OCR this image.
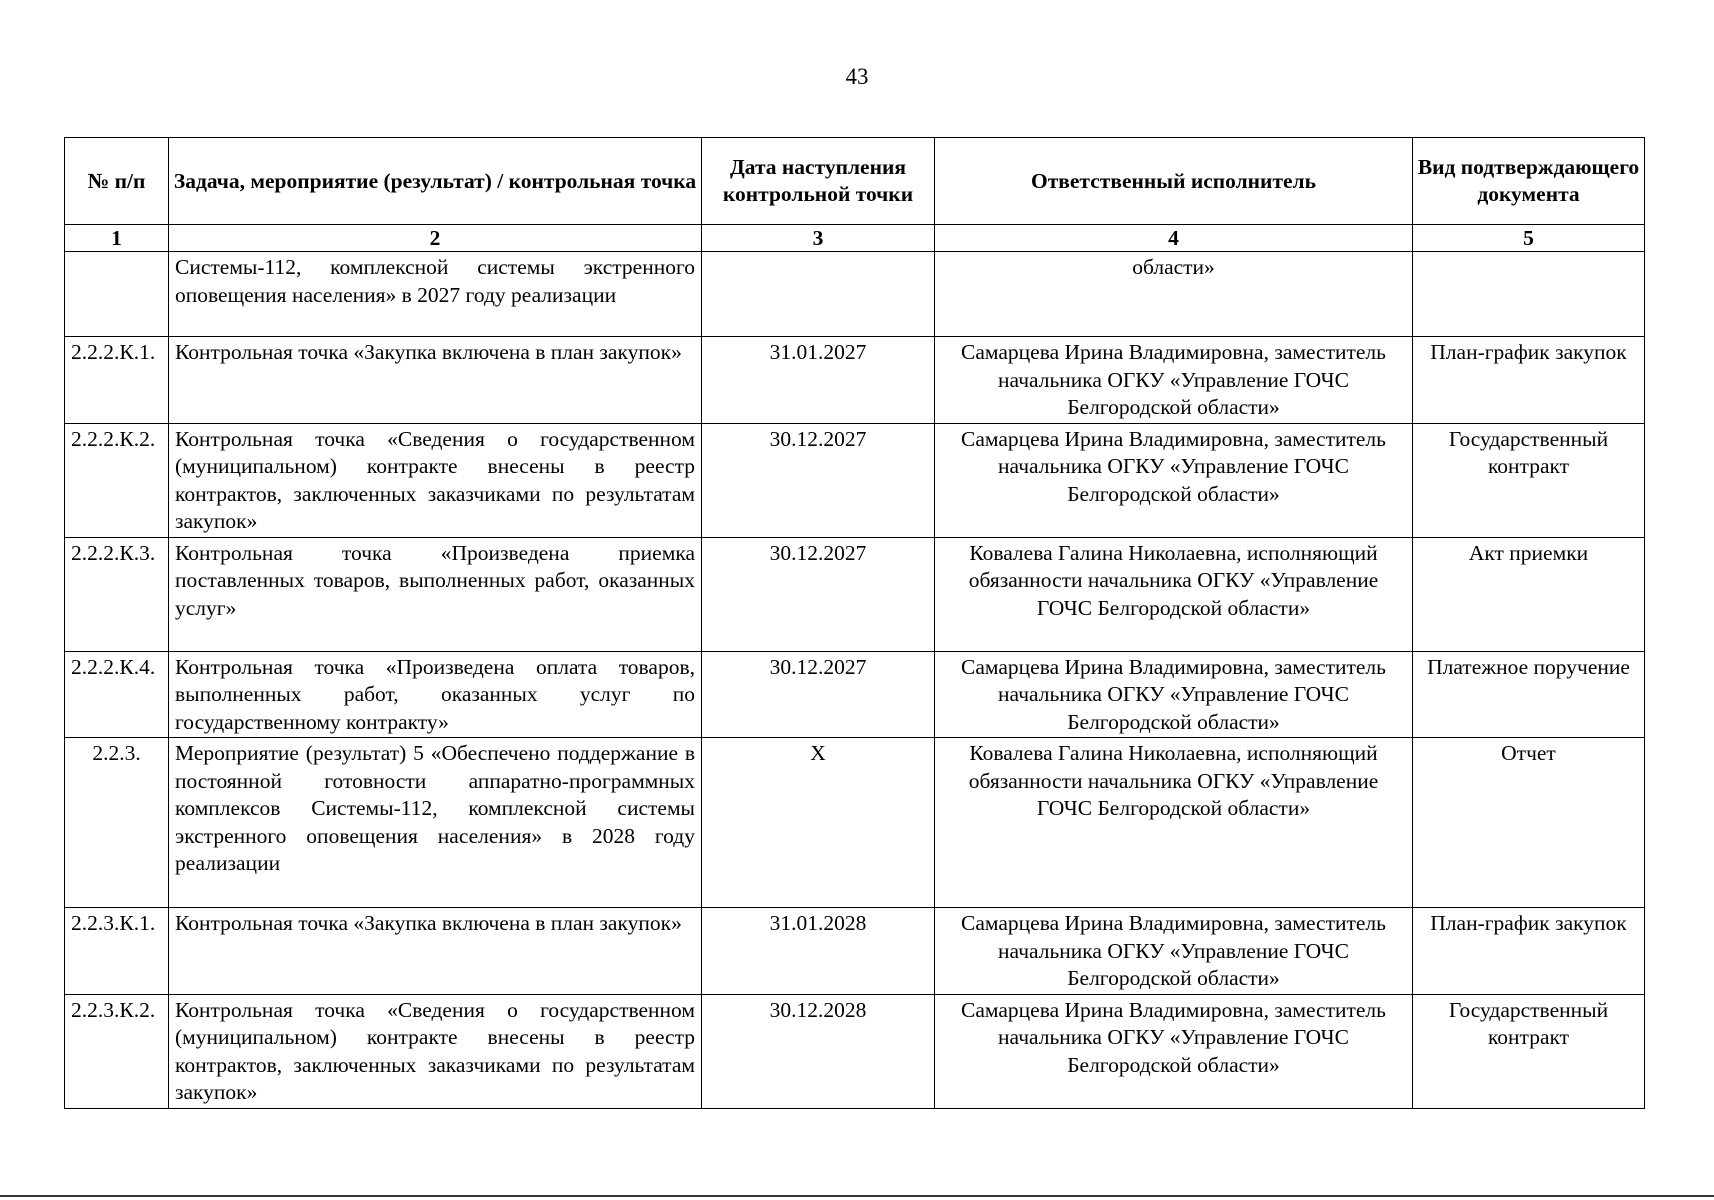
43
№ п/п	Задача, мероприятие (результат) / контрольная точка	Дата наступления контрольной точки	Ответственный исполнитель	Вид подтверждающего документа
1	2	3	4	5
	Системы-112, комплексной системы экстренного оповещения населения» в 2027 году реализации		области»	
2.2.2.К.1.	Контрольная точка «Закупка включена в план закупок»	31.01.2027	Самарцева Ирина Владимировна, заместитель начальника ОГКУ «Управление ГОЧС Белгородской области»	План-график закупок
2.2.2.К.2.	Контрольная точка «Сведения о государственном (муниципальном) контракте внесены в реестр контрактов, заключенных заказчиками по результатам закупок»	30.12.2027	Самарцева Ирина Владимировна, заместитель начальника ОГКУ «Управление ГОЧС Белгородской области»	Государственный контракт
2.2.2.К.3.	Контрольная точка «Произведена приемка поставленных товаров, выполненных работ, оказанных услуг»	30.12.2027	Ковалева Галина Николаевна, исполняющий обязанности начальника ОГКУ «Управление ГОЧС Белгородской области»	Акт приемки
2.2.2.К.4.	Контрольная точка «Произведена оплата товаров, выполненных работ, оказанных услуг по государственному контракту»	30.12.2027	Самарцева Ирина Владимировна, заместитель начальника ОГКУ «Управление ГОЧС Белгородской области»	Платежное поручение
2.2.3.	Мероприятие (результат) 5 «Обеспечено поддержание в постоянной готовности аппаратно-программных комплексов Системы-112, комплексной системы экстренного оповещения населения» в 2028 году реализации	Х	Ковалева Галина Николаевна, исполняющий обязанности начальника ОГКУ «Управление ГОЧС Белгородской области»	Отчет
2.2.3.К.1.	Контрольная точка «Закупка включена в план закупок»	31.01.2028	Самарцева Ирина Владимировна, заместитель начальника ОГКУ «Управление ГОЧС Белгородской области»	План-график закупок
2.2.3.К.2.	Контрольная точка «Сведения о государственном (муниципальном) контракте внесены в реестр контрактов, заключенных заказчиками по результатам закупок»	30.12.2028	Самарцева Ирина Владимировна, заместитель начальника ОГКУ «Управление ГОЧС Белгородской области»	Государственный контракт
